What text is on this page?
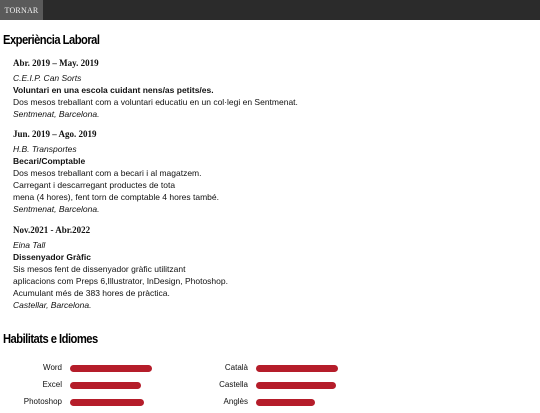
TORNAR
Experiència Laboral
Abr. 2019 – May. 2019
C.E.I.P. Can Sorts
Voluntari en una escola cuidant nens/as petits/es.
Dos mesos treballant com a voluntari educatiu en un col·legi en Sentmenat.
Sentmenat, Barcelona.
Jun. 2019 – Ago. 2019
H.B. Transportes
Becari/Comptable
Dos mesos treballant com a becari i al magatzem.
Carregant i descarregant productes de tota
mena (4 hores), fent torn de comptable 4 hores també.
Sentmenat, Barcelona.
Nov.2021 - Abr.2022
Eina Tall
Dissenyador Gràfic
Sis mesos fent de dissenyador gràfic utilitzant
aplicacions com Preps 6,Illustrator, InDesign, Photoshop.
Acumulant més de 383 hores de pràctica.
Castellar, Barcelona.
Habilitats e Idiomes
Word
Excel
Photoshop
Català
Castella
Anglès
